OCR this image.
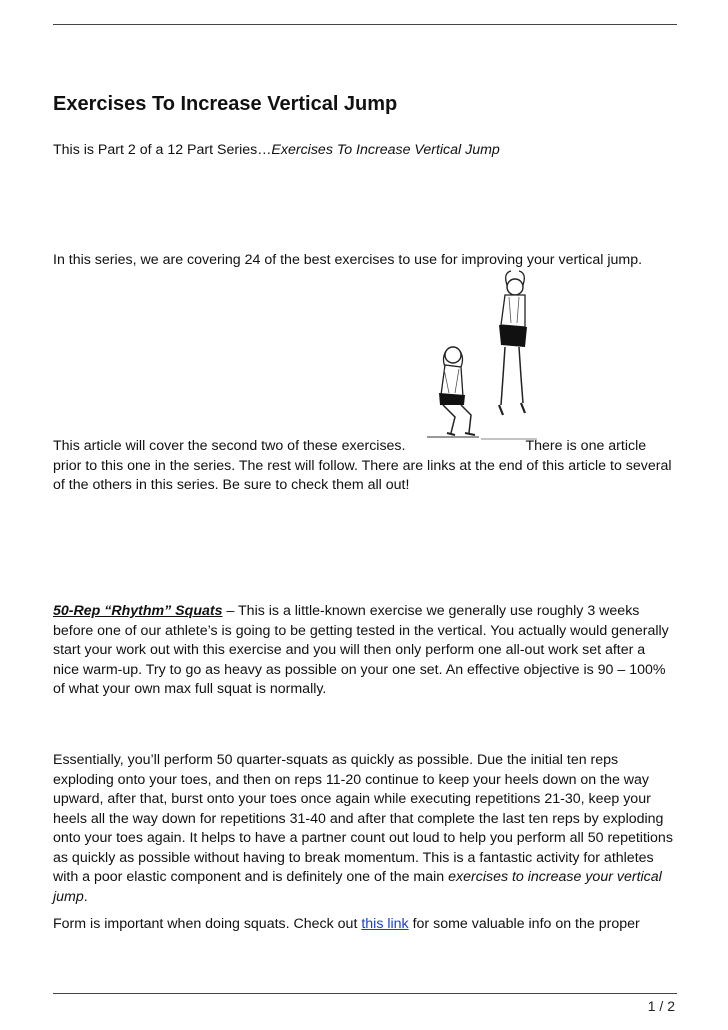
Exercises To Increase Vertical Jump

This is Part 2 of a 12 Part Series…Exercises To Increase Vertical Jump

In this series, we are covering 24 of the best exercises to use for improving your vertical jump.

This article will cover the second two of these exercises.	There is one article prior to this one in the series. The rest will follow. There are links at the end of this article to several of the others in this series. Be sure to check them all out!

50-Rep “Rhythm” Squats – This is a little-known exercise we generally use roughly 3 weeks before one of our athlete’s is going to be getting tested in the vertical. You actually would generally start your work out with this exercise and you will then only perform one all-out work set after a nice warm-up. Try to go as heavy as possible on your one set. An effective objective is 90 – 100% of what your own max full squat is normally.

Essentially, you’ll perform 50 quarter-squats as quickly as possible. Due the initial ten reps exploding onto your toes, and then on reps 11-20 continue to keep your heels down on the way upward, after that, burst onto your toes once again while executing repetitions 21-30, keep your heels all the way down for repetitions 31-40 and after that complete the last ten reps by exploding onto your toes again. It helps to have a partner count out loud to help you perform all 50 repetitions as quickly as possible without having to break momentum. This is a fantastic activity for athletes with a poor elastic component and is definitely one of the main exercises to increase your vertical jump.

Form is important when doing squats. Check out this link for some valuable info on the proper

1 / 2
